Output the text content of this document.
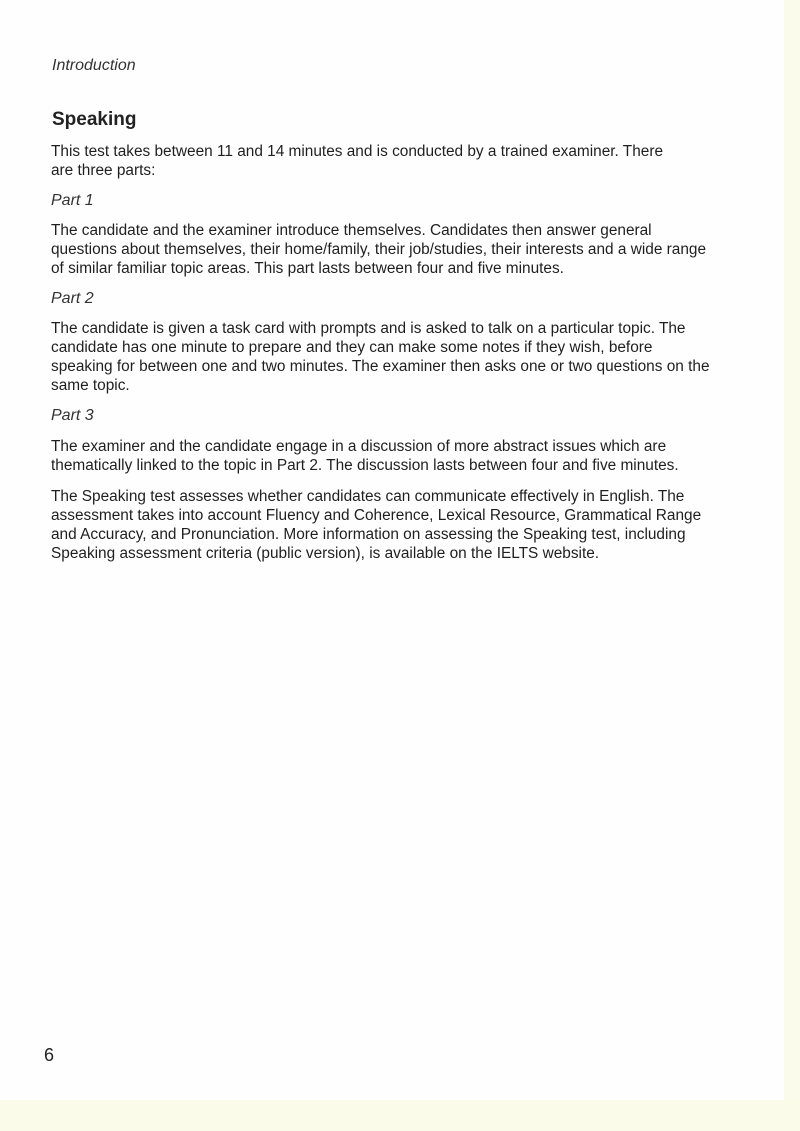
Introduction
Speaking
This test takes between 11 and 14 minutes and is conducted by a trained examiner. There are three parts:
Part 1
The candidate and the examiner introduce themselves. Candidates then answer general questions about themselves, their home/family, their job/studies, their interests and a wide range of similar familiar topic areas. This part lasts between four and five minutes.
Part 2
The candidate is given a task card with prompts and is asked to talk on a particular topic. The candidate has one minute to prepare and they can make some notes if they wish, before speaking for between one and two minutes. The examiner then asks one or two questions on the same topic.
Part 3
The examiner and the candidate engage in a discussion of more abstract issues which are thematically linked to the topic in Part 2. The discussion lasts between four and five minutes.
The Speaking test assesses whether candidates can communicate effectively in English. The assessment takes into account Fluency and Coherence, Lexical Resource, Grammatical Range and Accuracy, and Pronunciation. More information on assessing the Speaking test, including Speaking assessment criteria (public version), is available on the IELTS website.
6
